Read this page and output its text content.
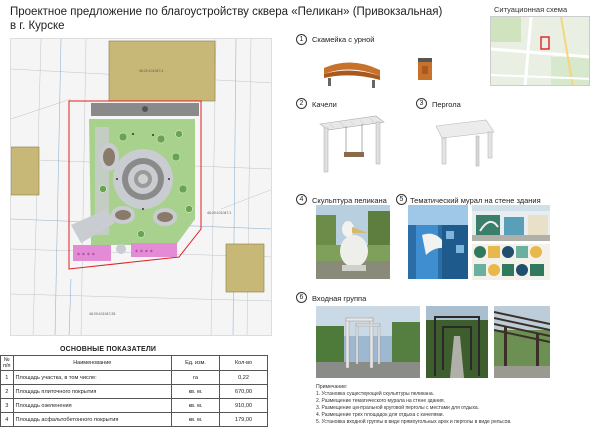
Проектное предложение по благоустройству сквера «Пеликан» (Привокзальная)
в г. Курске
46:29:101047:4
* * * *	* * * *
46:29:101047:1
46:29:101047:28
Ситуационная схема
1	Скамейка с урной
2	Качели	3	Пергола
4	Скульптура пеликана	5 Тематический мурал на стене здания
6	Входная группа
ОСНОВНЫЕ ПОКАЗАТЕЛИ
№ п/п	Наименование	Ед. изм.	Кол-во
1	Площадь участка, в том числе:	га	0,22
2	Площадь плиточного покрытия	кв. м.	670,00
3	Площадь озеленения	кв. м.	910,00
4	Площадь асфальтобетонного покрытия	кв. м.	179,00
Примечание:
1. Установка существующей скульптуры пеликана.
2. Размещение тематического мурала на стене здания.
3. Размещение центральной круговой перголы с местами для отдыха.
4. Размещение трех площадок для отдыха с качелями.
5. Установка входной группы в виде прямоугольных арок и перголы в виде рельсов.
